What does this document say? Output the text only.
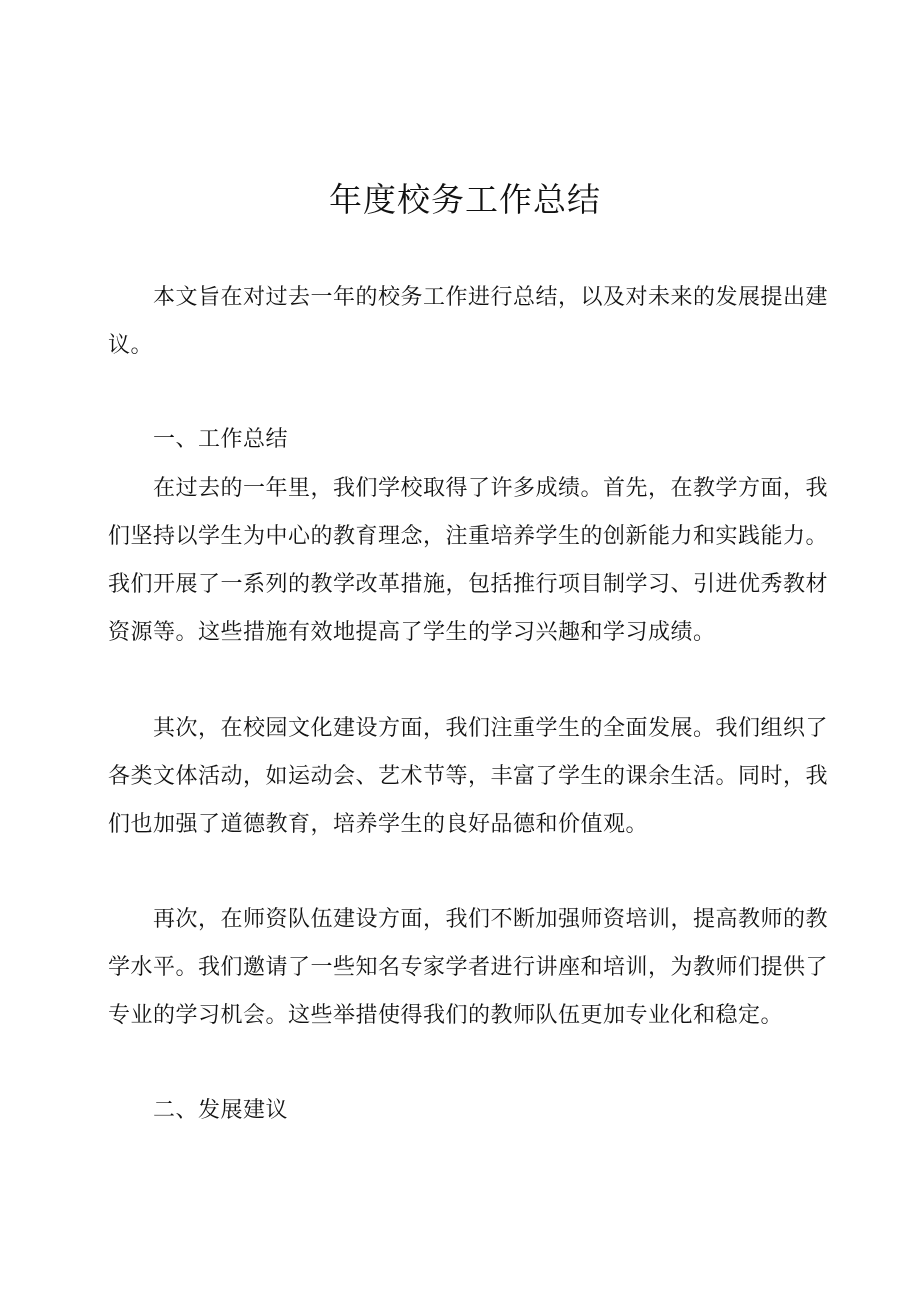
年度校务工作总结

本文旨在对过去一年的校务工作进行总结，以及对未来的发展提出建议。

一、工作总结

在过去的一年里，我们学校取得了许多成绩。首先，在教学方面，我们坚持以学生为中心的教育理念，注重培养学生的创新能力和实践能力。我们开展了一系列的教学改革措施，包括推行项目制学习、引进优秀教材资源等。这些措施有效地提高了学生的学习兴趣和学习成绩。

其次，在校园文化建设方面，我们注重学生的全面发展。我们组织了各类文体活动，如运动会、艺术节等，丰富了学生的课余生活。同时，我们也加强了道德教育，培养学生的良好品德和价值观。

再次，在师资队伍建设方面，我们不断加强师资培训，提高教师的教学水平。我们邀请了一些知名专家学者进行讲座和培训，为教师们提供了专业的学习机会。这些举措使得我们的教师队伍更加专业化和稳定。

二、发展建议
